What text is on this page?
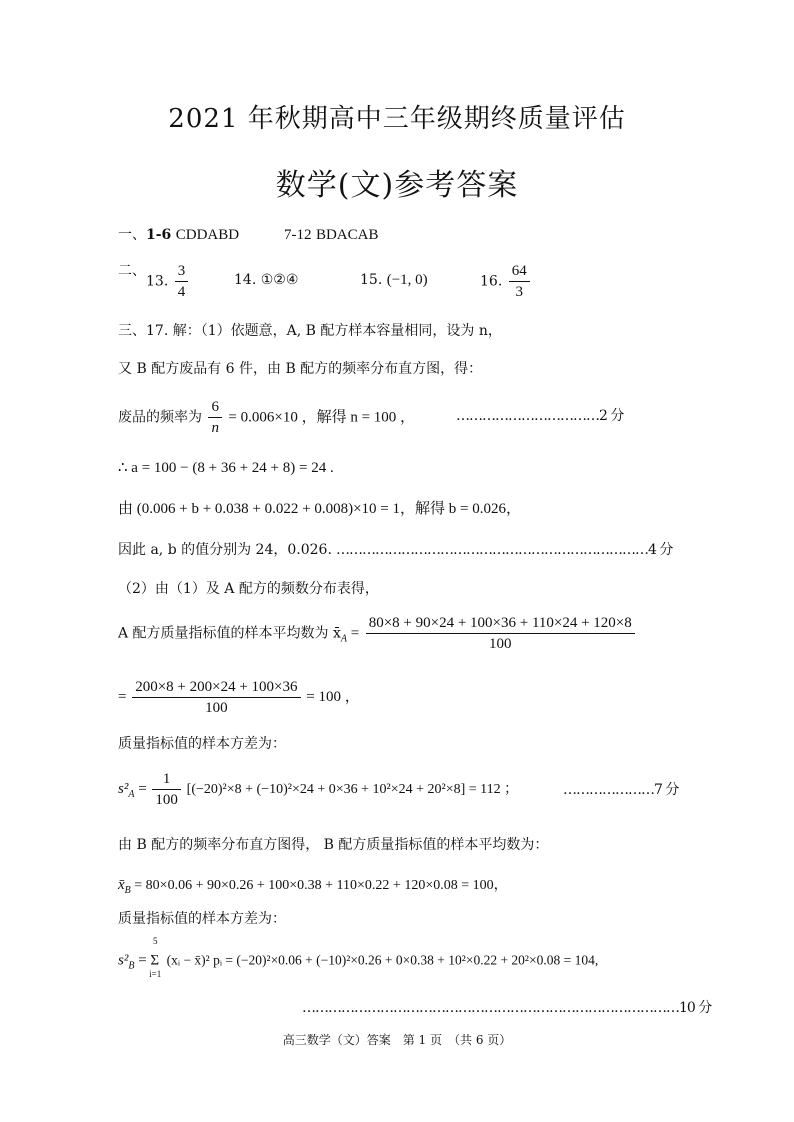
2021 年秋期高中三年级期终质量评估
数学(文)参考答案
一、1-6 CDDABD	7-12 BDACAB
二、
13. $\frac{3}{4}$	14. ①②④	15. (−1, 0)	16. $\frac{64}{3}$
三、17. 解：（1）依题意，A, B 配方样本容量相同，设为 n，
又 B 配方废品有 6 件，由 B 配方的频率分布直方图，得：
废品的频率为 $\frac{6}{n} = 0.006\times 10$ ，解得 n = 100 ，	……………………………2 分
∴ a = 100 − (8 + 36 + 24 + 8) = 24 .
由 (0.006 + b + 0.038 + 0.022 + 0.008)×10 = 1，解得 b = 0.026，
因此 a, b 的值分别为 24，0.026. ………………………………………………………………4 分
（2）由（1）及 A 配方的频数分布表得，
A 配方质量指标值的样本平均数为 $x̄_A = \frac{80\times 8 + 90\times 24 + 100\times 36 + 110\times 24 + 120\times 8}{100}$
= $\frac{200\times 8 + 200\times 24 + 100\times 36}{100} = 100$ ，
质量指标值的样本方差为：
$s^2_A = \frac{1}{100} [(-20)^2\times 8 + (-10)^2\times 24 + 0\times 36 + 10^2\times 24 + 20^2\times 8] = 112$ ；	…………………7 分
由 B 配方的频率分布直方图得， B 配方质量指标值的样本平均数为：
$x̄_B = 80\times 0.06 + 90\times 0.26 + 100\times 0.38 + 110\times 0.22 + 120\times 0.08 = 100$，
质量指标值的样本方差为：
$s^2_B = \Sigma$
5
i=1
(xᵢ − x̄)² pᵢ = (−20)²×0.06 + (−10)²×0.26 + 0×0.38 + 10²×0.22 + 20²×0.08 = 104,
……………………………………………………………………………10 分
高三数学（文）答案　第 1 页　（共 6 页）
